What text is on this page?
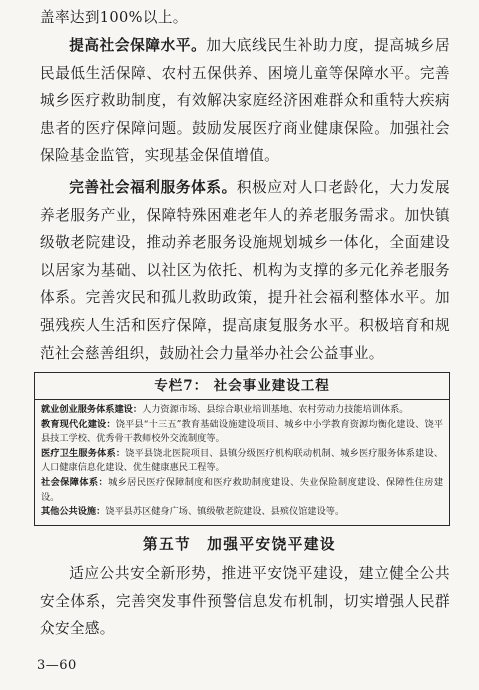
盖率达到100%以上。

提高社会保障水平。加大底线民生补助力度，提高城乡居民最低生活保障、农村五保供养、困境儿童等保障水平。完善城乡医疗救助制度，有效解决家庭经济困难群众和重特大疾病患者的医疗保障问题。鼓励发展医疗商业健康保险。加强社会保险基金监管，实现基金保值增值。

完善社会福利服务体系。积极应对人口老龄化，大力发展养老服务产业，保障特殊困难老年人的养老服务需求。加快镇级敬老院建设，推动养老服务设施规划城乡一体化，全面建设以居家为基础、以社区为依托、机构为支撑的多元化养老服务体系。完善灾民和孤儿救助政策，提升社会福利整体水平。加强残疾人生活和医疗保障，提高康复服务水平。积极培育和规范社会慈善组织，鼓励社会力量举办社会公益事业。

专栏7： 社会事业建设工程

就业创业服务体系建设：人力资源市场、县综合职业培训基地、农村劳动力技能培训体系。

教育现代化建设：饶平县“十三五”教育基础设施建设项目、城乡中小学教育资源均衡化建设、饶平县技工学校、优秀骨干教师校外交流制度等。

医疗卫生服务体系：饶平县饶北医院项目、县镇分级医疗机构联动机制、城乡医疗服务体系建设、人口健康信息化建设、优生健康惠民工程等。

社会保障体系：城乡居民医疗保障制度和医疗救助制度建设、失业保险制度建设、保障性住房建设。

其他公共设施：饶平县苏区健身广场、镇级敬老院建设、县殡仪馆建设等。

第五节 加强平安饶平建设

适应公共安全新形势，推进平安饶平建设，建立健全公共安全体系，完善突发事件预警信息发布机制，切实增强人民群众安全感。

3—60
